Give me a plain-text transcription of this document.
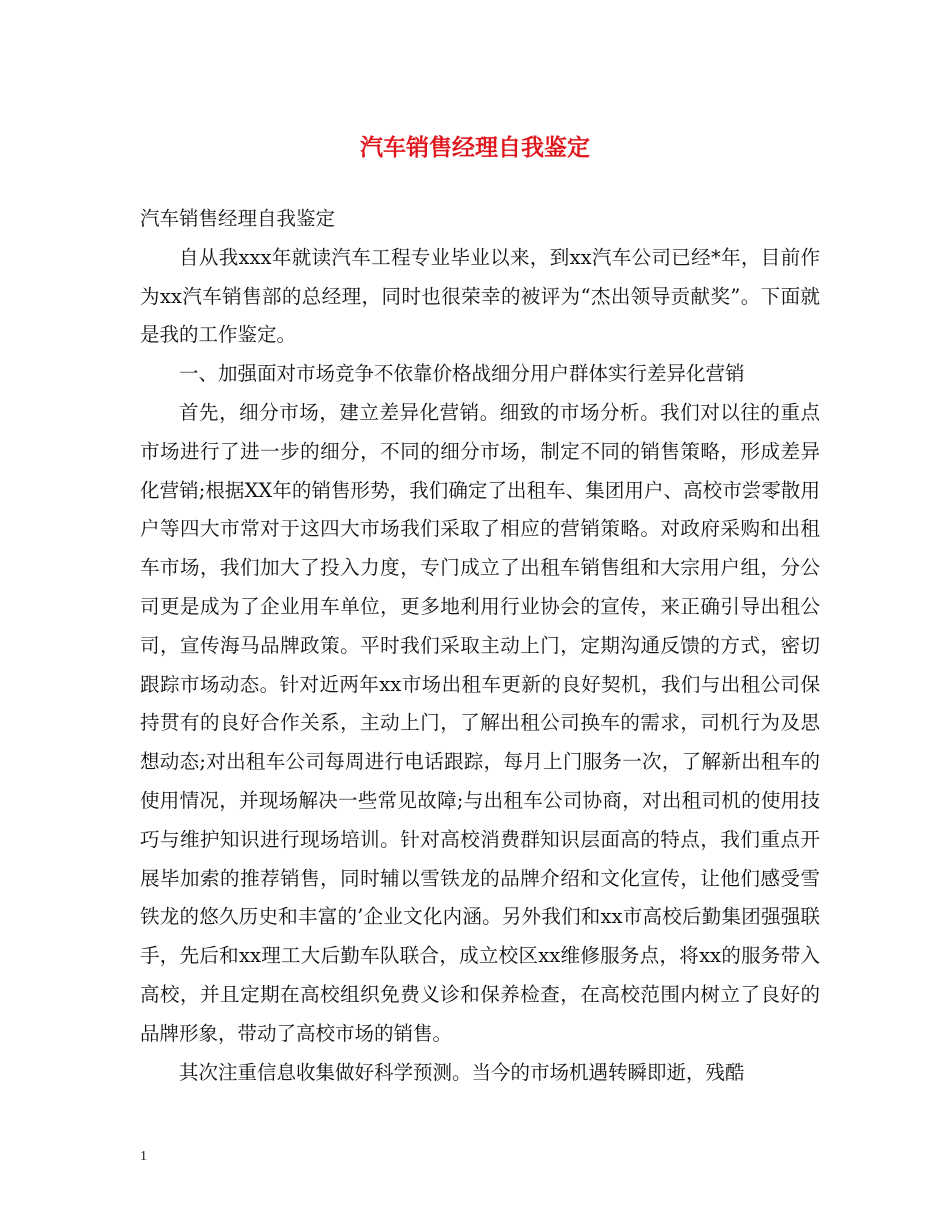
汽车销售经理自我鉴定

汽车销售经理自我鉴定

自从我xxx年就读汽车工程专业毕业以来，到xx汽车公司已经*年，目前作为xx汽车销售部的总经理，同时也很荣幸的被评为“杰出领导贡献奖”。下面就是我的工作鉴定。

一、加强面对市场竞争不依靠价格战细分用户群体实行差异化营销

首先，细分市场，建立差异化营销。细致的市场分析。我们对以往的重点市场进行了进一步的细分，不同的细分市场，制定不同的销售策略，形成差异化营销;根据XX年的销售形势，我们确定了出租车、集团用户、高校市尝零散用户等四大市常对于这四大市场我们采取了相应的营销策略。对政府采购和出租车市场，我们加大了投入力度，专门成立了出租车销售组和大宗用户组，分公司更是成为了企业用车单位，更多地利用行业协会的宣传，来正确引导出租公司，宣传海马品牌政策。平时我们采取主动上门，定期沟通反馈的方式，密切跟踪市场动态。针对近两年xx市场出租车更新的良好契机，我们与出租公司保持贯有的良好合作关系，主动上门，了解出租公司换车的需求，司机行为及思想动态;对出租车公司每周进行电话跟踪，每月上门服务一次，了解新出租车的使用情况，并现场解决一些常见故障;与出租车公司协商，对出租司机的使用技巧与维护知识进行现场培训。针对高校消费群知识层面高的特点，我们重点开展毕加索的推荐销售，同时辅以雪铁龙的品牌介绍和文化宣传，让他们感受雪铁龙的悠久历史和丰富的’企业文化内涵。另外我们和xx市高校后勤集团强强联手，先后和xx理工大后勤车队联合，成立校区xx维修服务点，将xx的服务带入高校，并且定期在高校组织免费义诊和保养检查，在高校范围内树立了良好的品牌形象，带动了高校市场的销售。

其次注重信息收集做好科学预测。当今的市场机遇转瞬即逝，残酷

1
